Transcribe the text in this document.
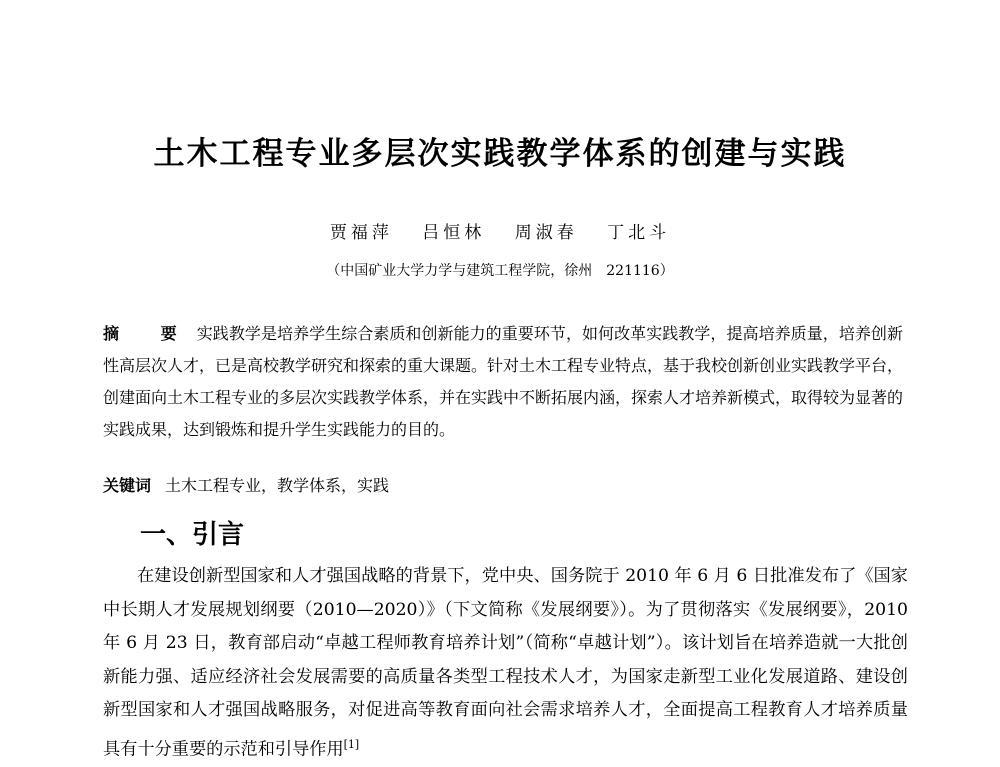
土木工程专业多层次实践教学体系的创建与实践
贾福萍 吕恒林 周淑春 丁北斗
（中国矿业大学力学与建筑工程学院，徐州　221116）
摘 要 实践教学是培养学生综合素质和创新能力的重要环节，如何改革实践教学，提高培养质量，培养创新性高层次人才，已是高校教学研究和探索的重大课题。针对土木工程专业特点，基于我校创新创业实践教学平台，创建面向土木工程专业的多层次实践教学体系，并在实践中不断拓展内涵，探索人才培养新模式，取得较为显著的实践成果，达到锻炼和提升学生实践能力的目的。
关键词 土木工程专业，教学体系，实践
一、引言
在建设创新型国家和人才强国战略的背景下，党中央、国务院于 2010 年 6 月 6 日批准发布了《国家中长期人才发展规划纲要（2010—2020）》（下文简称《发展纲要》）。为了贯彻落实《发展纲要》，2010 年 6 月 23 日，教育部启动“卓越工程师教育培养计划”（简称“卓越计划”）。该计划旨在培养造就一大批创新能力强、适应经济社会发展需要的高质量各类型工程技术人才，为国家走新型工业化发展道路、建设创新型国家和人才强国战略服务，对促进高等教育面向社会需求培养人才，全面提高工程教育人才培养质量具有十分重要的示范和引导作用[1]
